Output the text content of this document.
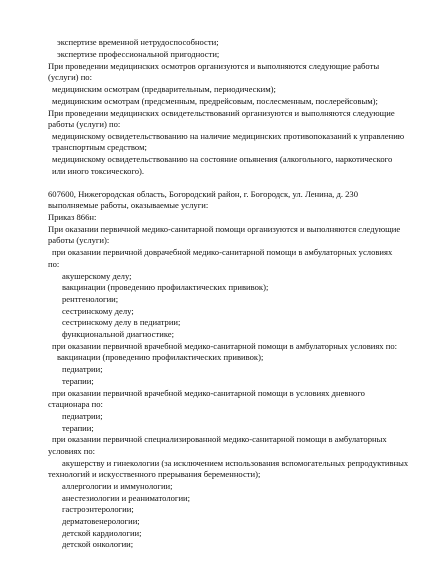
экспертизе временной нетрудоспособности;
экспертизе профессиональной пригодности;
При проведении медицинских осмотров организуются и выполняются следующие работы
(услуги) по:
медицинским осмотрам (предварительным, периодическим);
медицинским осмотрам (предсменным, предрейсовым, послесменным, послерейсовым);
При проведении медицинских освидетельствований организуются и выполняются следующие
работы (услуги) по:
медицинскому освидетельствованию на наличие медицинских противопоказаний к управлению
транспортным средством;
медицинскому освидетельствованию на состояние опьянения (алкогольного, наркотического
или иного токсического).
607600, Нижегородская область, Богородский район, г. Богородск, ул. Ленина, д. 230
выполняемые работы, оказываемые услуги:
Приказ 866н:
При оказании первичной медико-санитарной помощи организуются и выполняются следующие
работы (услуги):
при оказании первичной доврачебной медико-санитарной помощи в амбулаторных условиях
по:
акушерскому делу;
вакцинации (проведению профилактических прививок);
рентгенологии;
сестринскому делу;
сестринскому делу в педиатрии;
функциональной диагностике;
при оказании первичной врачебной медико-санитарной помощи в амбулаторных условиях по:
вакцинации (проведению профилактических прививок);
педиатрии;
терапии;
при оказании первичной врачебной медико-санитарной помощи в условиях дневного
стационара по:
педиатрии;
терапии;
при оказании первичной специализированной медико-санитарной помощи в амбулаторных
условиях по:
акушерству и гинекологии (за исключением использования вспомогательных репродуктивных
технологий и искусственного прерывания беременности);
аллергологии и иммунологии;
анестезиологии и реаниматологии;
гастроэнтерологии;
дерматовенерологии;
детской кардиологии;
детской онкологии;
